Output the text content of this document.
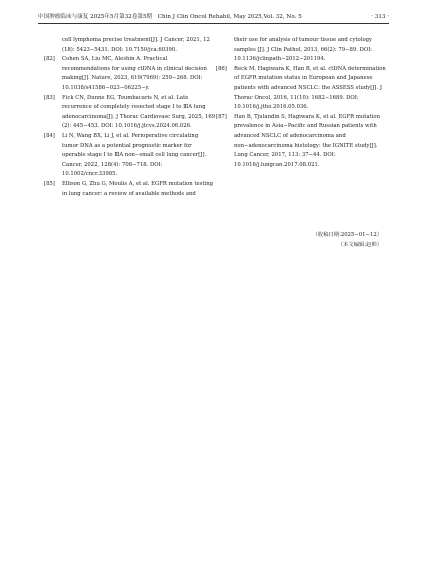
中国肿瘤临床与康复 2025年5月第32卷第5期　Chin J Clin Oncol Rehabil, May 2025,Vol. 32, No. 5	· 313 ·

cell lymphoma precise treatment[J]. J Cancer, 2021, 12 (18): 5423−5431. DOI: 10.7150/jca.60390.

[82] Cohen SA, Liu MC, Aleshin A. Practical recommendations for using ctDNA in clinical decision making[J]. Nature, 2023, 619(7969): 259−268. DOI: 10.1038/s41586−023−06225−y.

[83] Fick CN, Dunne EG, Toumbacaris N, et al. Late recurrence of completely resected stage Ⅰ to ⅢA lung adenocarcinoma[J]. J Thorac Cardiovasc Surg, 2025, 169 (2): 445−453. DOI: 10.1016/j.jtcvs.2024.06.026.

[84] Li N, Wang BX, Li J, et al. Perioperative circulating tumor DNA as a potential prognostic marker for operable stage Ⅰ to ⅢA non−small cell lung cancer[J]. Cancer, 2022, 128(4): 708−718. DOI: 10.1002/cncr.33985.

[85] Ellison G, Zhu G, Moulis A, et al. EGFR mutation testing in lung cancer: a review of available methods and

their use for analysis of tumour tissue and cytology samples [J]. J Clin Pathol, 2013, 66(2): 79−89. DOI: 10.1136/jclinpath−2012−201194.

[86] Reck M, Hagiwara K, Han B, et al. ctDNA determination of EGFR mutation status in European and Japanese patients with advanced NSCLC: the ASSESS study[J]. J Thorac Oncol, 2016, 11(10): 1682−1689. DOI: 10.1016/j.jtho.2016.05.036.

[87] Han B, Tjulandin S, Hagiwara K, et al. EGFR mutation prevalence in Asia−Pacific and Russian patients with advanced NSCLC of adenocarcinoma and non−adenocarcinoma histology: the IGNITE study[J]. Lung Cancer, 2017, 113: 37−44. DOI: 10.1016/j.lungcan.2017.08.021.

（收稿日期:2025−01−12）
（本文编辑:赵帅）
